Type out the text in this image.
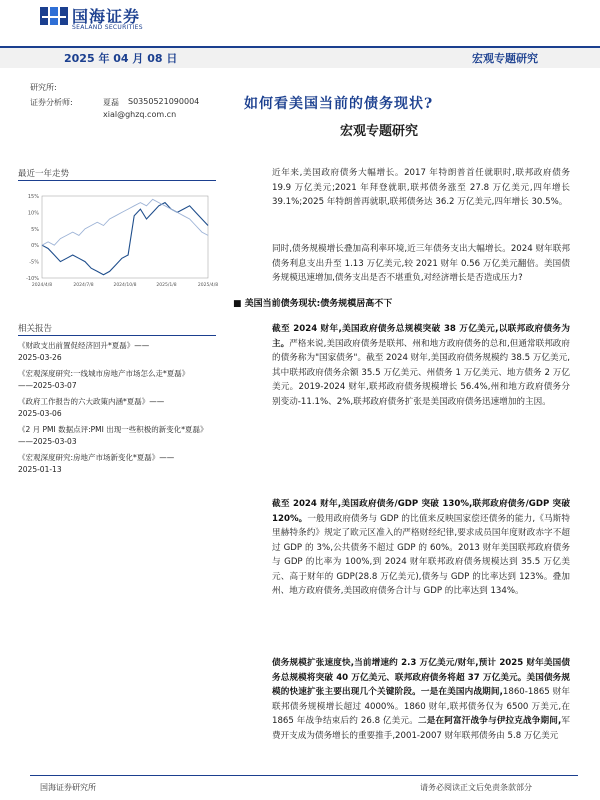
国海证券
SEALAND SECURITIES
2025 年 04 月 08 日	宏观专题研究
研究所:
证券分析师:	夏磊 S0350521090004
xial@ghzq.com.cn
如何看美国当前的债务现状?
宏观专题研究
最近一年走势
15%
10%
5%
0%
-5%
-10%
2024/4/8	2024/7/8	2024/10/8	2025/1/8	2025/4/8
相关报告
《财政支出前置促经济回升*夏磊》——
2025-03-26
《宏观深度研究:一线城市房地产市场怎么走*夏磊》
——2025-03-07
《政府工作报告的六大政策内涵*夏磊》——
2025-03-06
《2 月 PMI 数据点评:PMI 出现一些积极的新变化*夏磊》
——2025-03-03
《宏观深度研究:房地产市场新变化*夏磊》——
2025-01-13
近年来,美国政府债务大幅增长。2017 年特朗普首任就职时,联邦政府债务 19.9 万亿美元;2021 年拜登就职,联邦债务涨至 27.8 万亿美元,四年增长 39.1%;2025 年特朗普再就职,联邦债务达 36.2 万亿美元,四年增长 30.5%。
同时,债务规模增长叠加高利率环境,近三年债务支出大幅增长。2024 财年联邦债务利息支出升至 1.13 万亿美元,较 2021 财年 0.56 万亿美元翻倍。美国债务规模迅速增加,债务支出是否不堪重负,对经济增长是否造成压力?
■ 美国当前债务现状:债务规模居高不下
截至 2024 财年,美国政府债务总规模突破 38 万亿美元,以联邦政府债务为主。严格来说,美国政府债务是联邦、州和地方政府债务的总和,但通常联邦政府的债务称为"国家债务"。截至 2024 财年,美国政府债务规模约 38.5 万亿美元,其中联邦政府债务余额 35.5 万亿美元、州债务 1 万亿美元、地方债务 2 万亿美元。2019-2024 财年,联邦政府债务规模增长 56.4%,州和地方政府债务分别变动-11.1%、2%,联邦政府债务扩张是美国政府债务迅速增加的主因。
截至 2024 财年,美国政府债务/GDP 突破 130%,联邦政府债务/GDP 突破 120%。一般用政府债务与 GDP 的比值来反映国家偿还债务的能力,《马斯特里赫特条约》规定了欧元区准入的严格财经纪律,要求成员国年度财政赤字不超过 GDP 的 3%,公共债务不超过 GDP 的 60%。2013 财年美国联邦政府债务与 GDP 的比率为 100%,到 2024 财年联邦政府债务规模达到 35.5 万亿美元、高于财年的 GDP(28.8 万亿美元),债务与 GDP 的比率达到 123%。叠加州、地方政府债务,美国政府债务合计与 GDP 的比率达到 134%。
债务规模扩张速度快,当前增速约 2.3 万亿美元/财年,预计 2025 财年美国债务总规模将突破 40 万亿美元、联邦政府债务将超 37 万亿美元。美国债务规模的快速扩张主要出现几个关键阶段。一是在美国内战期间,1860-1865 财年联邦债务规模增长超过 4000%。1860 财年,联邦债务仅为 6500 万美元,在 1865 年战争结束后约 26.8 亿美元。二是在阿富汗战争与伊拉克战争期间,军费开支成为债务增长的重要推手,2001-2007 财年联邦债务由 5.8 万亿美元
国海证券研究所	请务必阅读正文后免责条款部分
